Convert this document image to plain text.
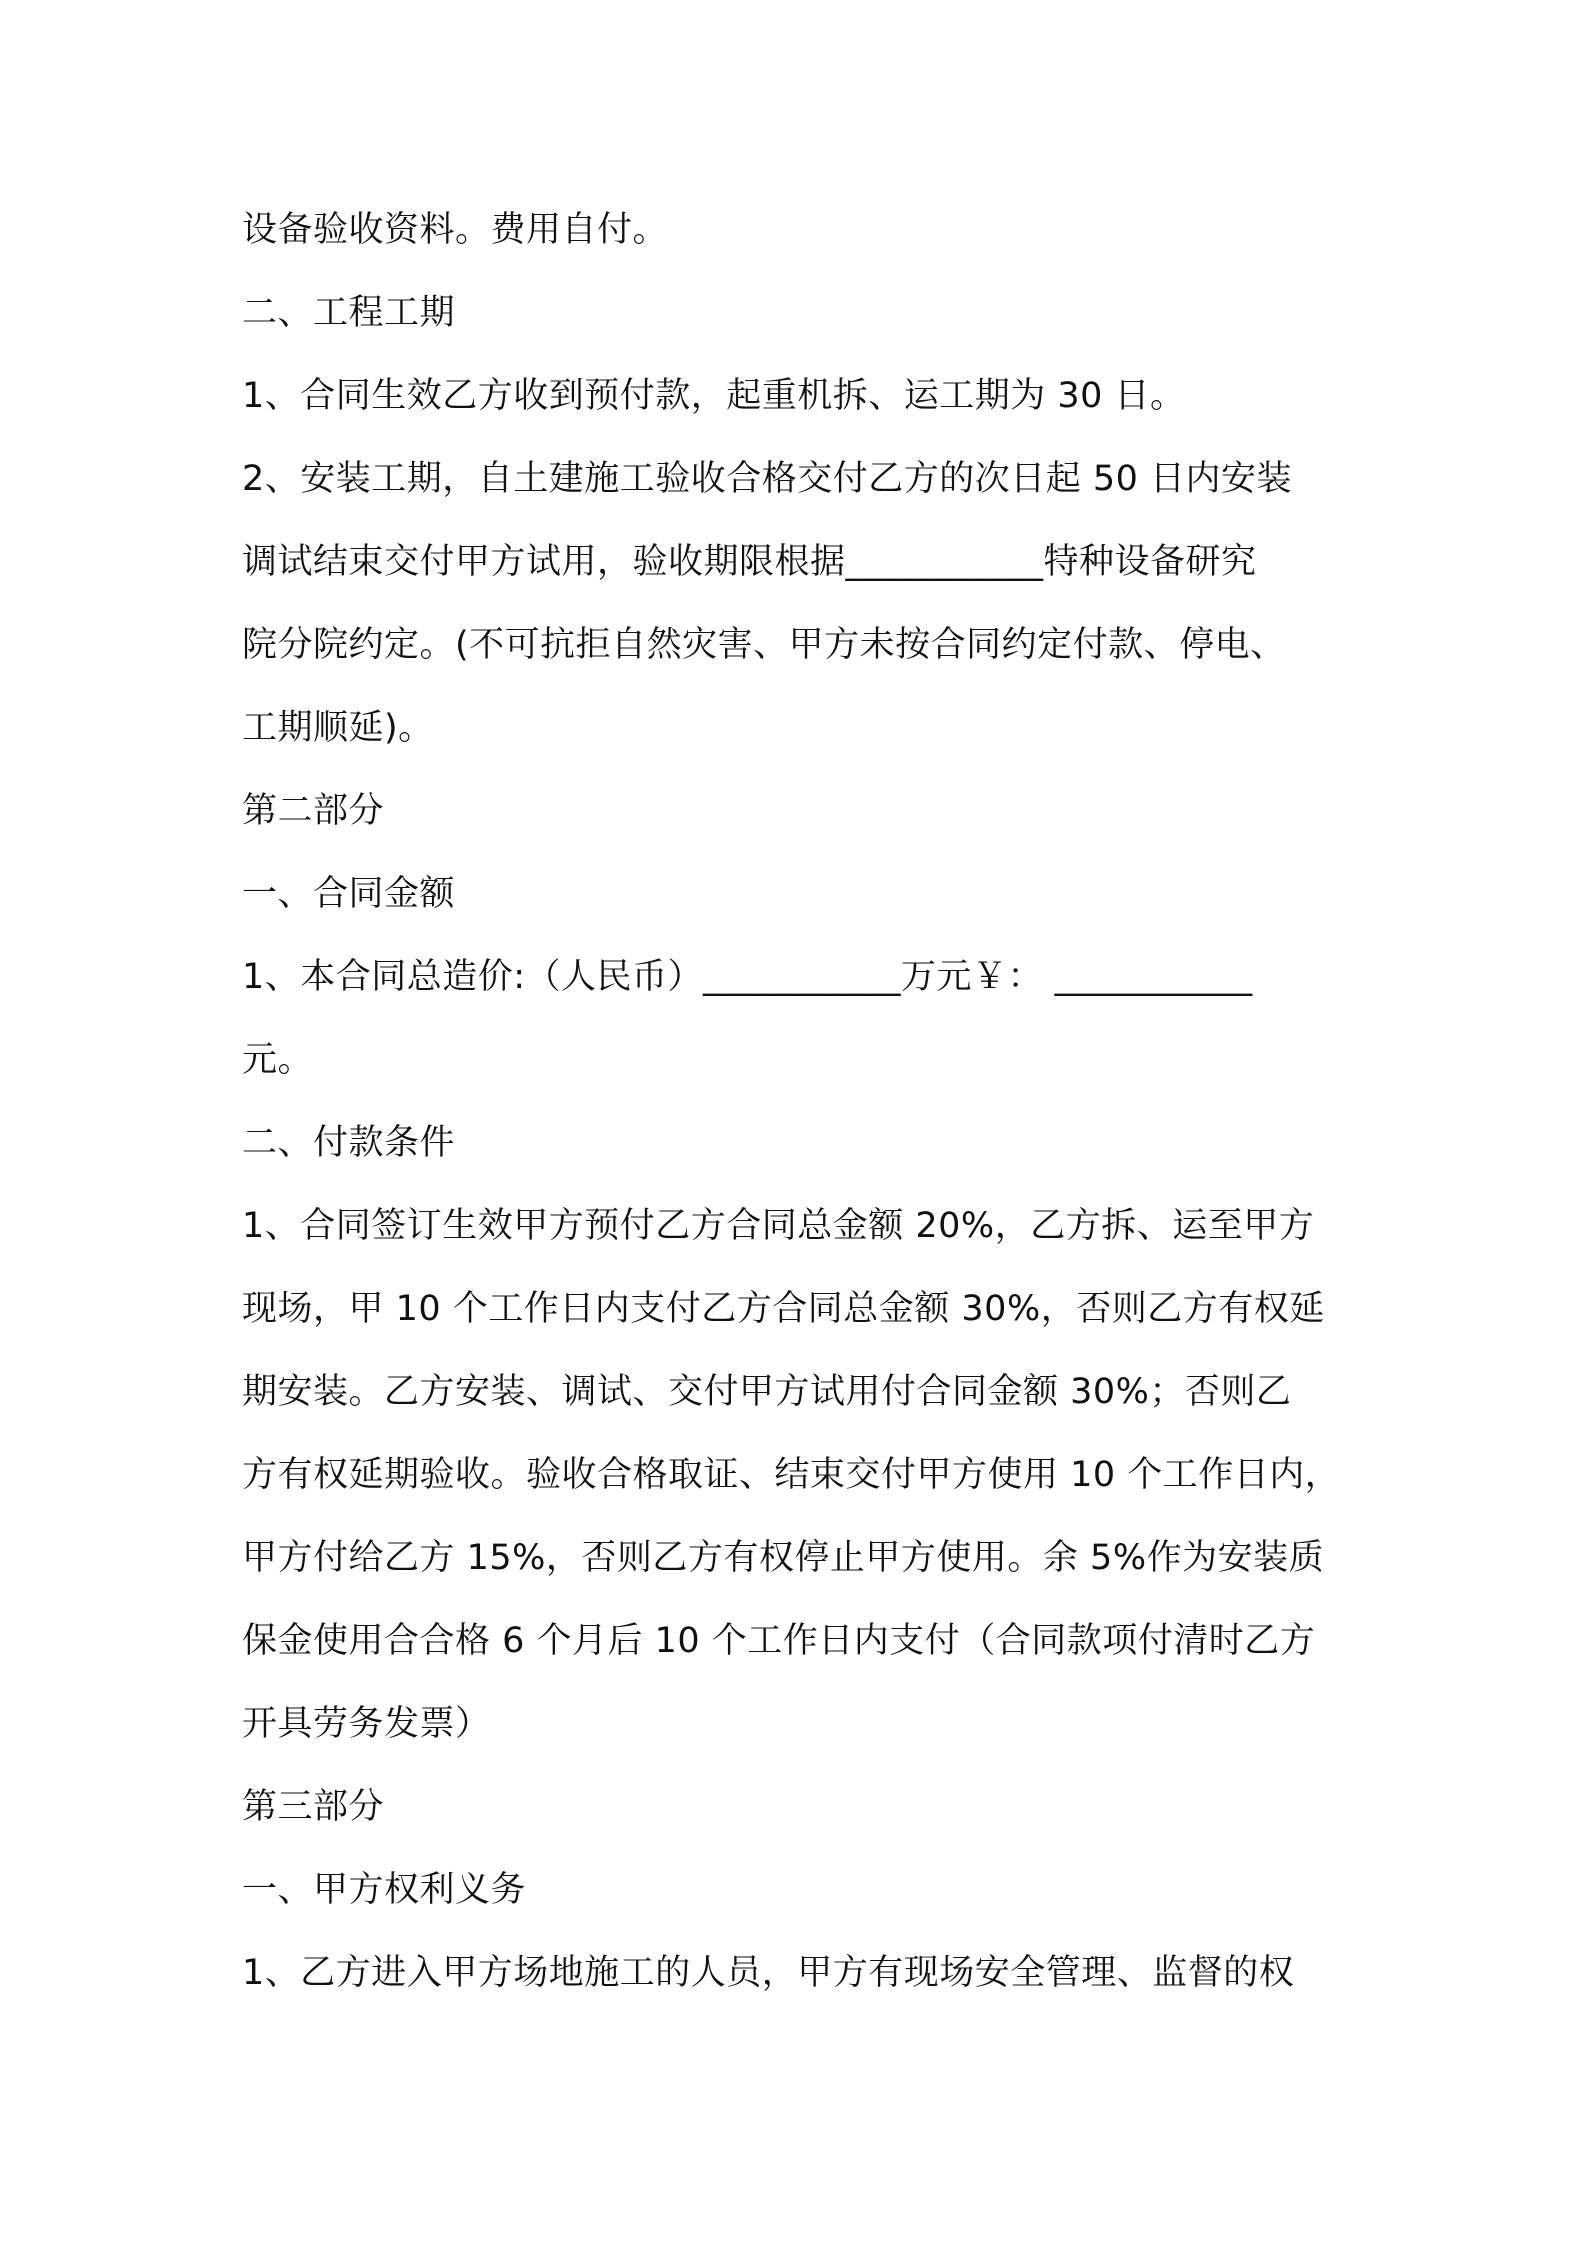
设备验收资料。费用自付。
二、工程工期
1、合同生效乙方收到预付款，起重机拆、运工期为 30 日。
2、安装工期，自土建施工验收合格交付乙方的次日起 50 日内安装
调试结束交付甲方试用，验收期限根据___________特种设备研究
院分院约定。(不可抗拒自然灾害、甲方未按合同约定付款、停电、
工期顺延)。
第二部分
一、合同金额
1、本合同总造价:（人民币）___________万元￥： ___________
元。
二、付款条件
1、合同签订生效甲方预付乙方合同总金额 20%，乙方拆、运至甲方
现场，甲 10 个工作日内支付乙方合同总金额 30%，否则乙方有权延
期安装。乙方安装、调试、交付甲方试用付合同金额 30%；否则乙
方有权延期验收。验收合格取证、结束交付甲方使用 10 个工作日内，
甲方付给乙方 15%，否则乙方有权停止甲方使用。余 5%作为安装质
保金使用合合格 6 个月后 10 个工作日内支付（合同款项付清时乙方
开具劳务发票）
第三部分
一、甲方权利义务
1、乙方进入甲方场地施工的人员，甲方有现场安全管理、监督的权
